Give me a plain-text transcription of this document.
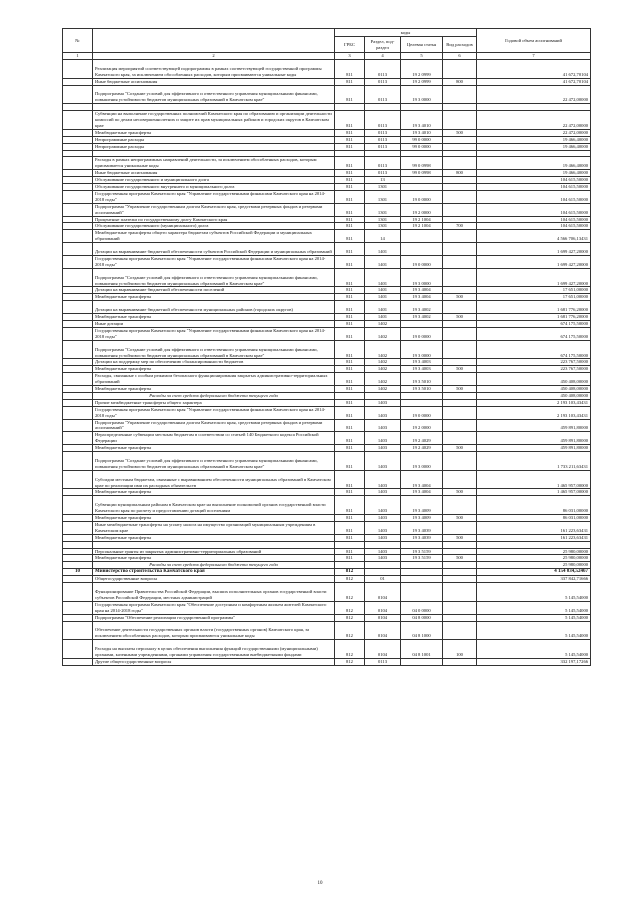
№		коды				Годовой объем ассигнований
		ГРБС	Раздел, под-раздел	Целевая статья	Вид расходов	
1	2	3	4	5	6	7
	Реализация мероприятий соответствующей подпрограммы в рамках соответствующей государственной программы Камчатского края, за исключением обособленных расходов, которым присваиваются уникальные коды	811	0113	19 2 0999		41 672,70104
	Иные бюджетные ассигнования	811	0113	19 2 0999	800	41 672,70104
	Подпрограмма "Создание условий для эффективного и ответственного управления муниципальными финансами, повышения устойчивости бюджетов муниципальных образований в Камчатском крае"	811	0113	19 3 0000		22 472,00000

	Субвенции на выполнение государственных полномочий Камчатского края по образованию и организации деятельности комиссий по делам несовершеннолетних и защите их прав муниципальных районов и городских округов в Камчатском крае	811	0113	19 3 4010		22 472,00000
	Межбюджетные трансферты	811	0113	19 3 4010	500	22 472,00000
	Непрограммные расходы	811	0113	99 0 0000		19 466,40000
	Непрограммные расходы	811	0113	99 0 0000		19 466,40000

	Расходы в рамках непрограммных направлений деятельности, за исключением обособленных расходов, которым присваивается уникальные коды	811	0113	99 0 0998		19 466,40000
	Иные бюджетные ассигнования	811	0113	99 0 0998	800	19 466,40000
	Обслуживание государственного и муниципального долга	811	13			104 615,50000
	Обслуживание государственного внутреннего и муниципального долга	811	1301			104 615,50000
	Государственная программа Камчатского края "Управление государственными финансами Камчатского края на 2014-2018 годы"	811	1301	19 0 0000		104 615,50000
	Подпрограмма "Управление государственным долгом Камчатского края, средствами резервных фондов и резервами ассигнований"	811	1301	19 2 0000		104 615,50000
	Процентные платежи по государственному долгу Камчатского края	811	1301	19 2 1004		104 615,50000
	Обслуживание государственного (муниципального) долга	811	1301	19 2 1004	700	104 615,50000
	Межбюджетные трансферты общего характера бюджетам субъектов Российской Федерации и муниципальных образований	811	14			4 566 706,13431
	Дотации на выравнивание бюджетной обеспеченности субъектов Российской Федерации и муниципальных образований	811	1401			1 699 427,20000
	Государственная программа Камчатского края "Управление государственными финансами Камчатского края на 2014-2018 годы"	811	1401	19 0 0000		1 699 427,20000
	Подпрограмма "Создание условий для эффективного и ответственного управления муниципальными финансами, повышения устойчивости бюджетов муниципальных образований в Камчатском крае"	811	1401	19 3 0000		1 699 427,20000
	Дотации на выравнивание бюджетной обеспеченности поселений	811	1401	19 3 4004		17 651,00000
	Межбюджетные трансферты	811	1401	19 3 4004	500	17 651,00000
	Дотации на выравнивание бюджетной обеспеченности муниципальных районов (городских округов)	811	1401	19 3 4002		1 681 776,20000
	Межбюджетные трансферты	811	1401	19 3 4002	500	1 681 776,20000
	Иные дотации	811	1402			674 175,50000
	Государственная программа Камчатского края "Управление государственными финансами Камчатского края на 2014-2018 годы"	811	1402	19 0 0000		674 175,50000
	Подпрограмма "Создание условий для эффективного и ответственного управления муниципальными финансами, повышения устойчивости бюджетов муниципальных образований в Камчатском крае"	811	1402	19 3 0000		674 175,50000
	Дотации на поддержку мер по обеспечению сбалансированности бюджетов	811	1402	19 3 4003		223 767,50000
	Межбюджетные трансферты	811	1402	19 3 4003	500	223 767,50000
	Расходы, связанные с особым режимом безопасного функционирования закрытых административно-территориальных образований	811	1402	19 3 5010		450 408,00000
	Межбюджетные трансферты	811	1402	19 3 5010	500	450 408,00000
	Расходы за счет средств федерального бюджета текущего года					450 408,00000
	Прочие межбюджетные трансферты общего характера	811	1403			2 193 103,43431
	Государственная программа Камчатского края "Управление государственными финансами Камчатского края на 2014-2018 годы"	811	1403	19 0 0000		2 193 103,43431
	Подпрограмма "Управление государственным долгом Камчатского края, средствами резервных фондов и резервами ассигнований"	811	1403	19 2 0000		459 891,80000
	Нераспределенные субвенции местным бюджетам в соответствии со статьей 140 Бюджетного кодекса Российской Федерации	811	1403	19 2 4029		459 891,80000
	Межбюджетные трансферты	811	1403	19 2 4029	500	459 891,80000
	Подпрограмма "Создание условий для эффективного и ответственного управления муниципальными финансами, повышения устойчивости бюджетов муниципальных образований в Камчатском крае"	811	1403	19 3 0000		1 733 211,63431
	Субсидии местным бюджетам, связанные с выравниванием обеспеченности муниципальных образований в Камчатском крае по реализации ими их расходных обязательств	811	1403	19 3 4004		1 465 957,00000
	Межбюджетные трансферты	811	1403	19 3 4004	500	1 465 957,00000
	Субвенции муниципальным районам в Камчатском крае на выполнение полномочий органов государственной власти Камчатского края по расчету и предоставлению дотаций поселениям	811	1403	19 3 4009		86 031,00000
	Межбюджетные трансферты	811	1403	19 3 4009	500	86 031,00000
	Иные межбюджетные трансферты на уплату налога на имущество организаций муниципальным учреждениям в Камчатском крае	811	1403	19 3 4039		161 223,63431
	Межбюджетные трансферты	811	1403	19 3 4039	500	161 223,63431

	Персональные гранты из закрытых административно-территориальных образований	811	1403	19 3 5159		25 980,00000
	Межбюджетные трансферты	811	1403	19 3 5159	500	25 980,00000
	Расходы за счет средств федерального бюджета текущего года					25 980,00000
10	Министерство строительства Камчатского края	812				4 154 034,52467
	Общегосударственные вопросы	812	01			337 842,71666
	Функционирование Правительства Российской Федерации, высших исполнительных органов государственной власти субъектов Российской Федерации, местных администраций	812	0104			5 145,54000
	Государственная программа Камчатского края "Обеспечение доступным и комфортным жильем жителей Камчатского края на 2014-2018 годы"	812	0104	04 0 0000		5 145,54000
	Подпрограмма "Обеспечение реализации государственной программы"	812	0104	04 8 0000		5 145,54000
	Обеспечение деятельности государственных органов власти (государственных органов) Камчатского края, за исключением обособленных расходов, которым присваиваются уникальные коды	812	0104	04 8 1000		5 145,54000
	Расходы на выплаты персоналу в целях обеспечения выполнения функций государственными (муниципальными) органами, казенными учреждениями, органами управления государственными внебюджетными фондами	812	0104	04 8 1001	100	5 145,54000
	Другие общегосударственные вопросы	812	0113			332 197,17266
10
